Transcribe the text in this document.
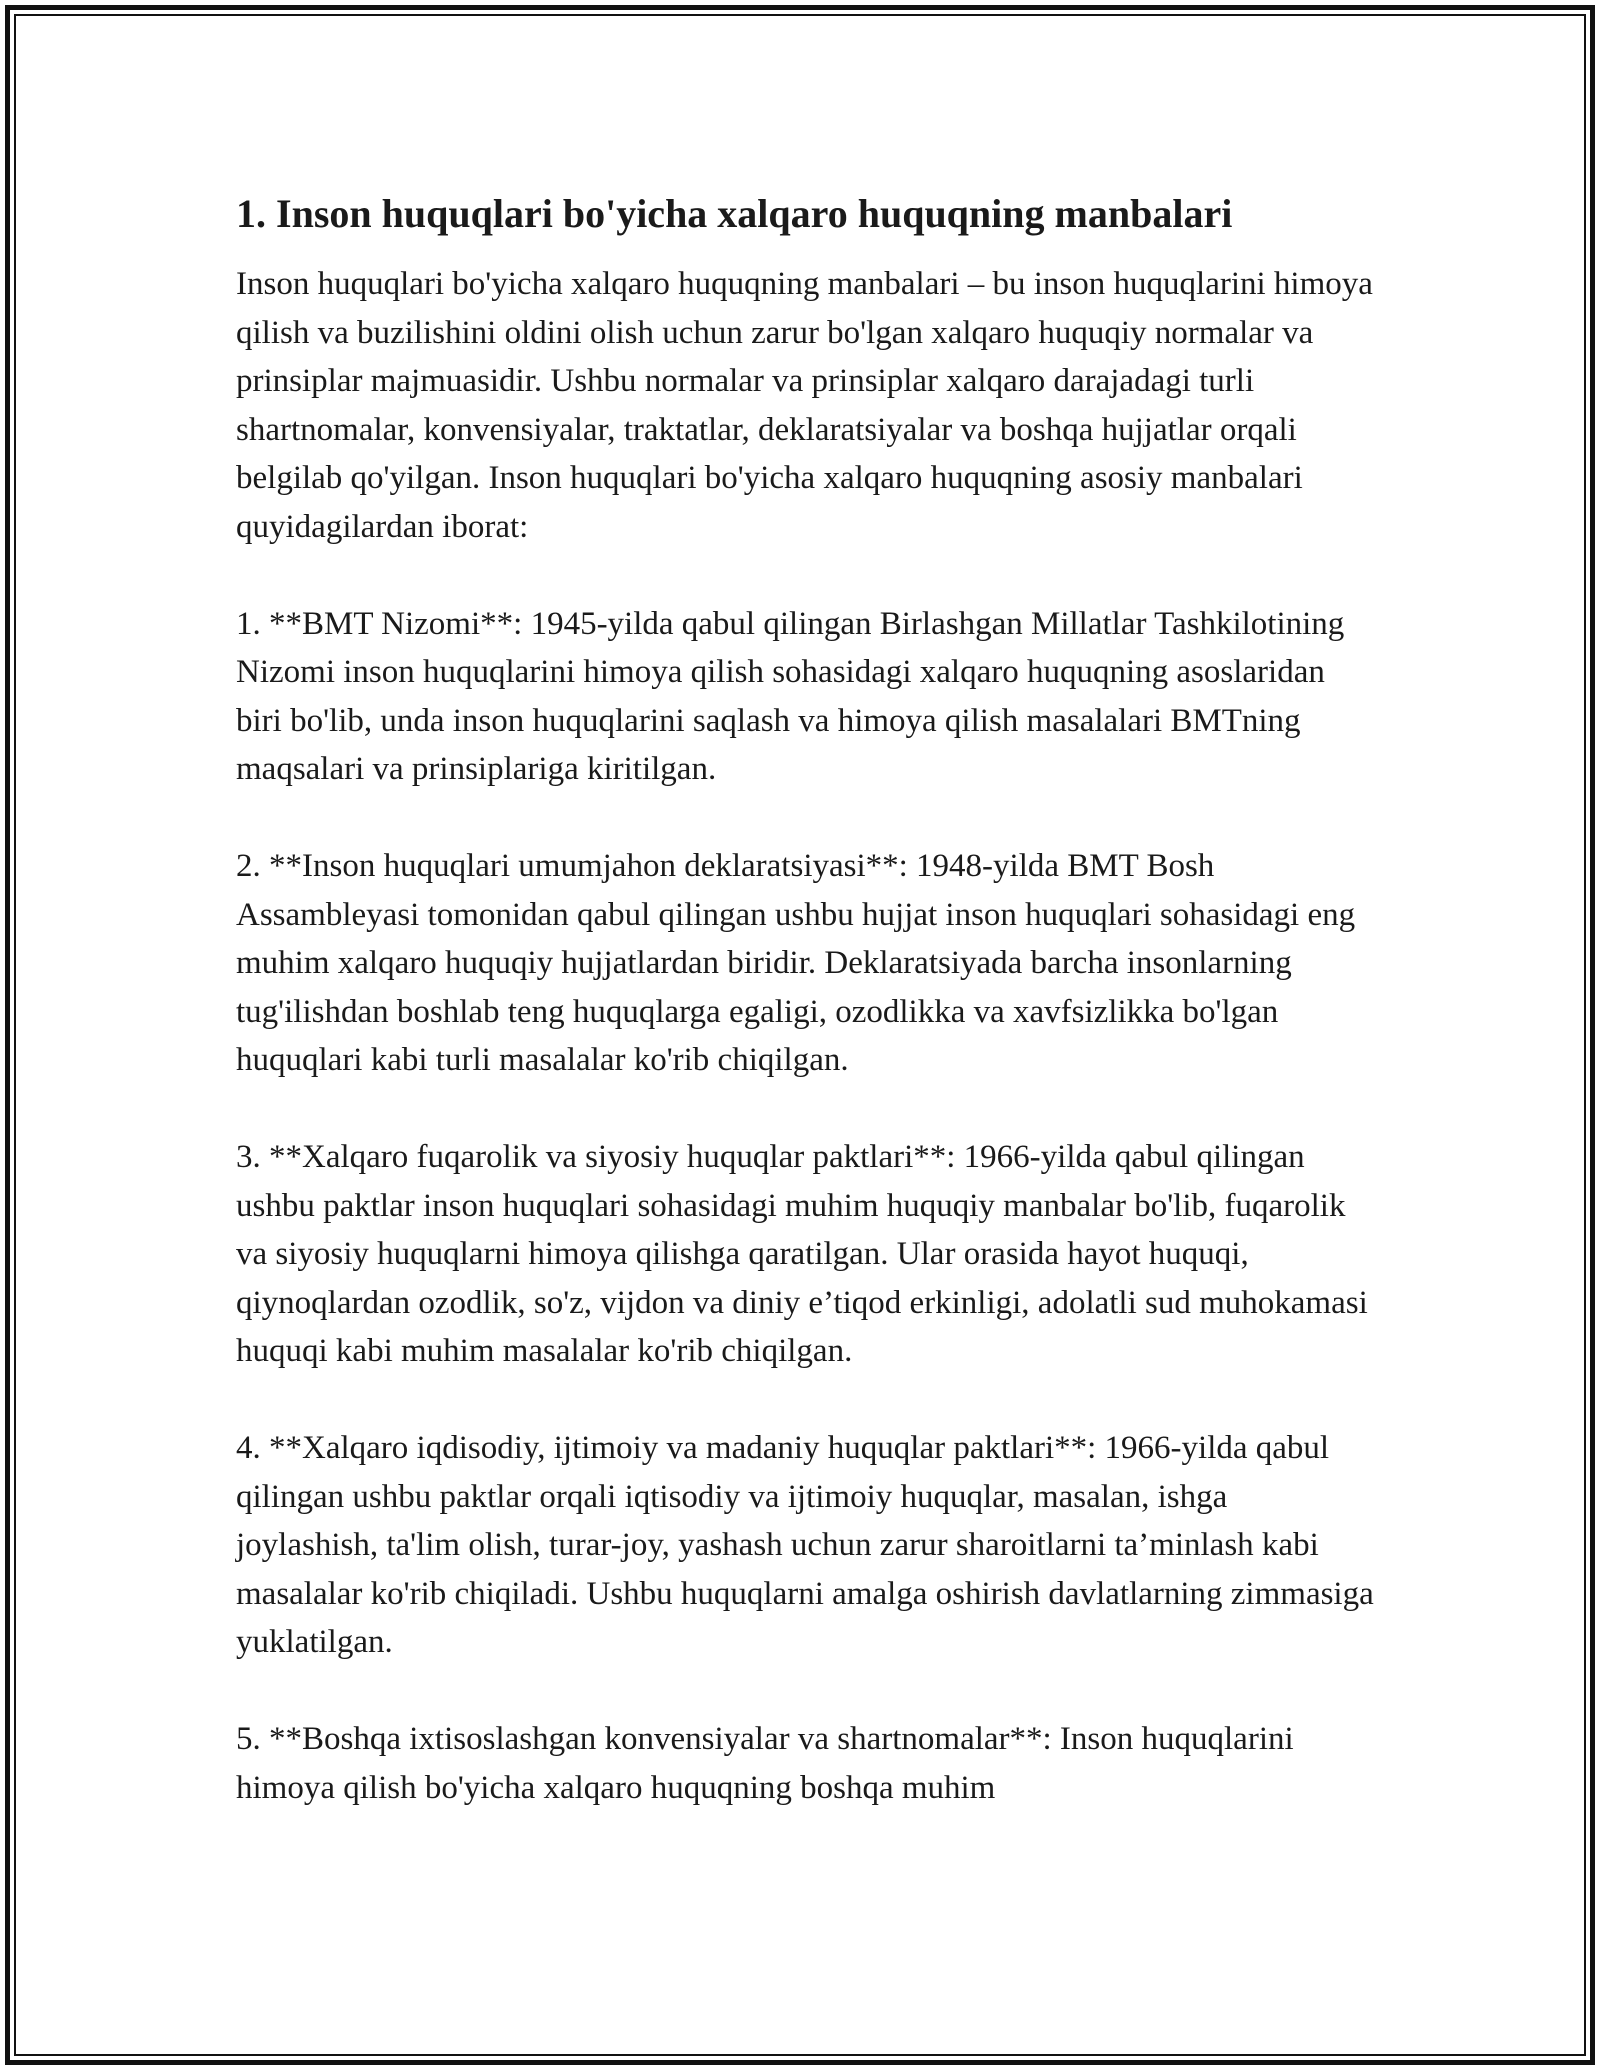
1. Inson huquqlari bo'yicha xalqaro huquqning manbalari

Inson huquqlari bo'yicha xalqaro huquqning manbalari – bu inson huquqlarini himoya qilish va buzilishini oldini olish uchun zarur bo'lgan xalqaro huquqiy normalar va prinsiplar majmuasidir. Ushbu normalar va prinsiplar xalqaro darajadagi turli shartnomalar, konvensiyalar, traktatlar, deklaratsiyalar va boshqa hujjatlar orqali belgilab qo'yilgan. Inson huquqlari bo'yicha xalqaro huquqning asosiy manbalari quyidagilardan iborat:

1. **BMT Nizomi**: 1945-yilda qabul qilingan Birlashgan Millatlar Tashkilotining Nizomi inson huquqlarini himoya qilish sohasidagi xalqaro huquqning asoslaridan biri bo'lib, unda inson huquqlarini saqlash va himoya qilish masalalari BMTning maqsalari va prinsiplariga kiritilgan.

2. **Inson huquqlari umumjahon deklaratsiyasi**: 1948-yilda BMT Bosh Assambleyasi tomonidan qabul qilingan ushbu hujjat inson huquqlari sohasidagi eng muhim xalqaro huquqiy hujjatlardan biridir. Deklaratsiyada barcha insonlarning tug'ilishdan boshlab teng huquqlarga egaligi, ozodlikka va xavfsizlikka bo'lgan huquqlari kabi turli masalalar ko'rib chiqilgan.

3. **Xalqaro fuqarolik va siyosiy huquqlar paktlari**: 1966-yilda qabul qilingan ushbu paktlar inson huquqlari sohasidagi muhim huquqiy manbalar bo'lib, fuqarolik va siyosiy huquqlarni himoya qilishga qaratilgan. Ular orasida hayot huquqi, qiynoqlardan ozodlik, so'z, vijdon va diniy e’tiqod erkinligi, adolatli sud muhokamasi huquqi kabi muhim masalalar ko'rib chiqilgan.

4. **Xalqaro iqdisodiy, ijtimoiy va madaniy huquqlar paktlari**: 1966-yilda qabul qilingan ushbu paktlar orqali iqtisodiy va ijtimoiy huquqlar, masalan, ishga joylashish, ta'lim olish, turar-joy, yashash uchun zarur sharoitlarni ta’minlash kabi masalalar ko'rib chiqiladi. Ushbu huquqlarni amalga oshirish davlatlarning zimmasiga yuklatilgan.

5. **Boshqa ixtisoslashgan konvensiyalar va shartnomalar**: Inson huquqlarini himoya qilish bo'yicha xalqaro huquqning boshqa muhim
